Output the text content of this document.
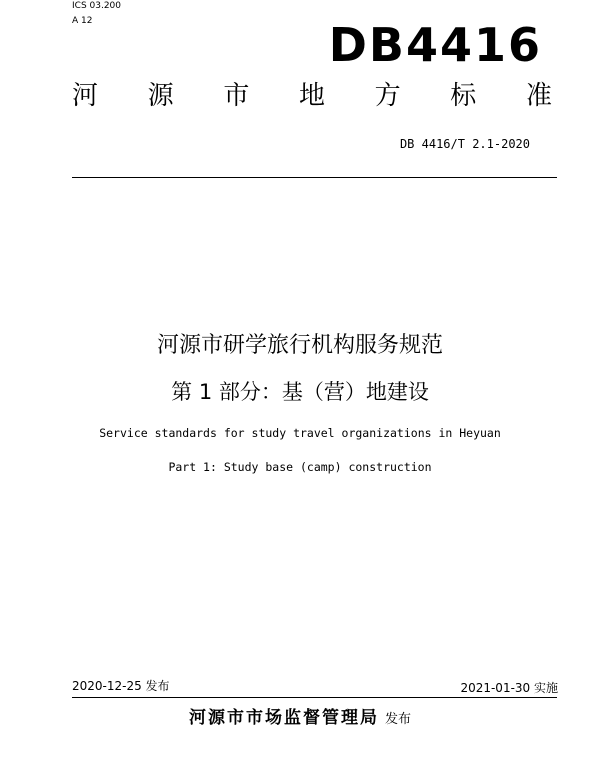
ICS 03.200
A 12	DB4416
河 源 市 地 方 标 准
DB 4416/T 2.1-2020
河源市研学旅行机构服务规范
第 1 部分：基（营）地建设
Service standards for study travel organizations in Heyuan
Part 1: Study base (camp) construction
2020-12-25 发布	2021-01-30 实施
河源市市场监督管理局 发布
